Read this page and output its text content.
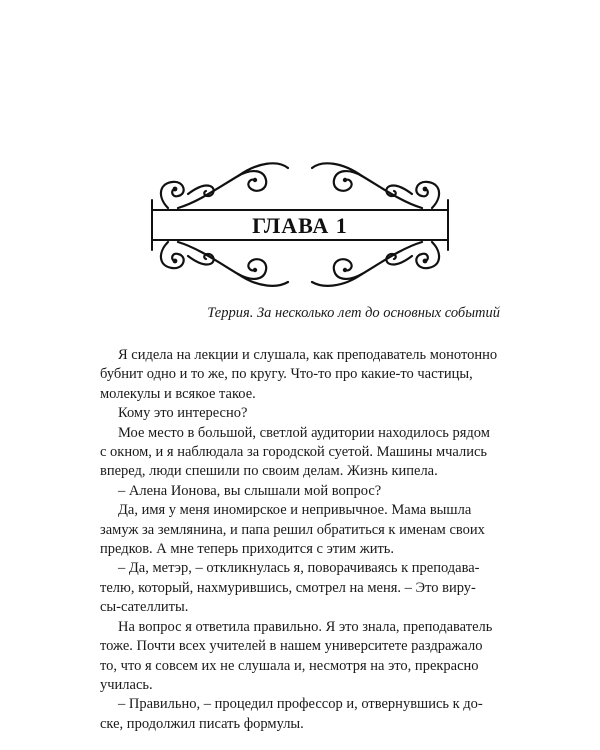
ГЛАВА 1
Террия. За несколько лет до основных событий
Я сидела на лекции и слушала, как преподаватель монотонно
бубнит одно и то же, по кругу. Что-то про какие-то частицы,
молекулы и всякое такое.
Кому это интересно?
Мое место в большой, светлой аудитории находилось рядом
с окном, и я наблюдала за городской суетой. Машины мчались
вперед, люди спешили по своим делам. Жизнь кипела.
– Алена Ионова, вы слышали мой вопрос?
Да, имя у меня иномирское и непривычное. Мама вышла
замуж за землянина, и папа решил обратиться к именам своих
предков. А мне теперь приходится с этим жить.
– Да, метэр, – откликнулась я, поворачиваясь к преподава-
телю, который, нахмурившись, смотрел на меня. – Это виру-
сы-сателлиты.
На вопрос я ответила правильно. Я это знала, преподаватель
тоже. Почти всех учителей в нашем университете раздражало
то, что я совсем их не слушала и, несмотря на это, прекрасно
училась.
– Правильно, – процедил профессор и, отвернувшись к до-
ске, продолжил писать формулы.
